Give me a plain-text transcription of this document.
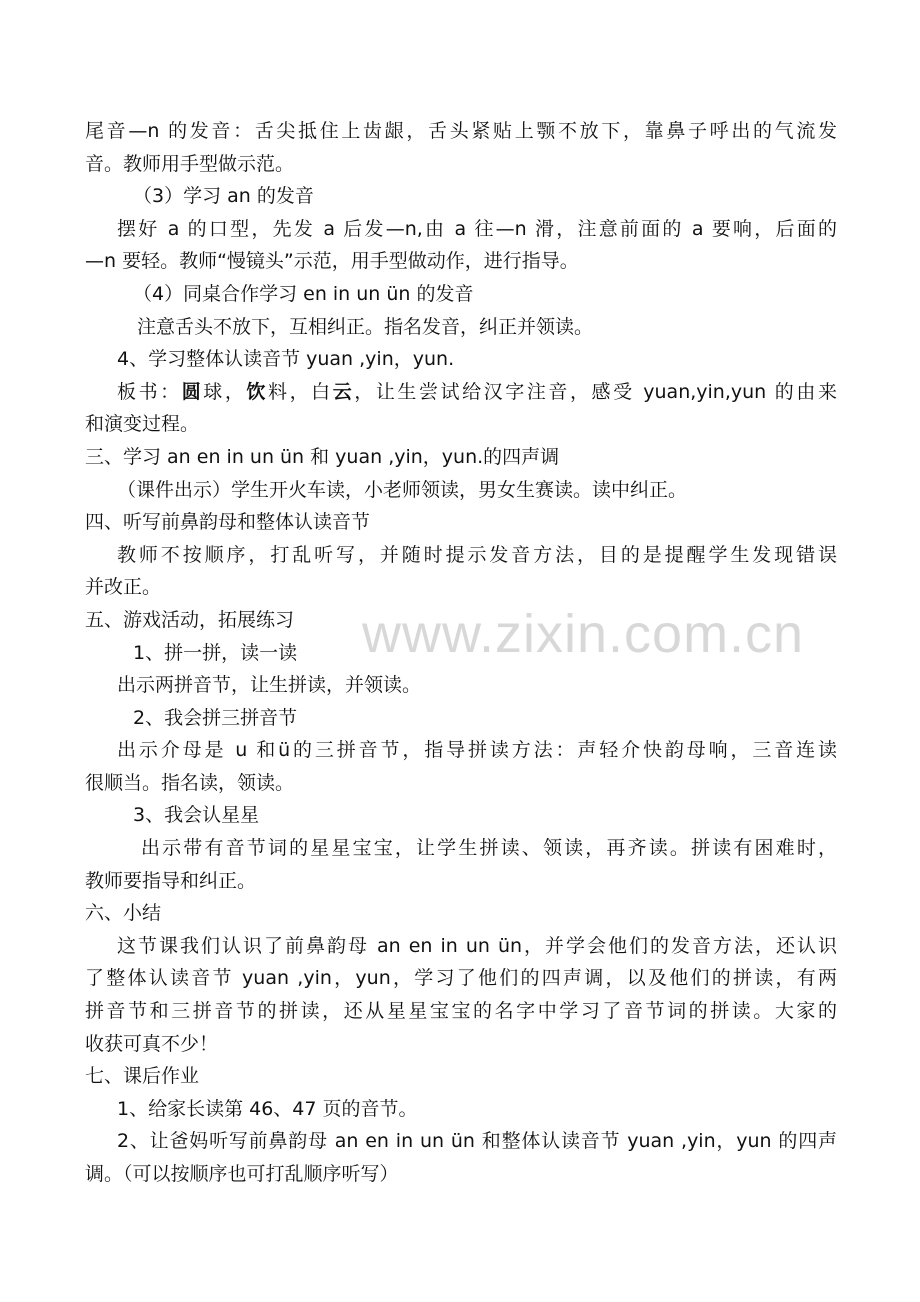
尾音—n 的发音：舌尖抵住上齿龈，舌头紧贴上颚不放下，靠鼻子呼出的气流发
音。教师用手型做示范。
（3）学习 an 的发音
摆好 a 的口型，先发 a 后发—n,由 a 往—n 滑，注意前面的 a 要响，后面的
—n 要轻。教师“慢镜头”示范，用手型做动作，进行指导。
（4）同桌合作学习 en in un ün 的发音
注意舌头不放下，互相纠正。指名发音，纠正并领读。
4、学习整体认读音节 yuan ,yin，yun.
板书：圆球，饮料，白云，让生尝试给汉字注音，感受 yuan,yin,yun 的由来
和演变过程。
三、学习 an en in un ün 和 yuan ,yin，yun.的四声调
（课件出示）学生开火车读，小老师领读，男女生赛读。读中纠正。
四、听写前鼻韵母和整体认读音节
教师不按顺序，打乱听写，并随时提示发音方法，目的是提醒学生发现错误
并改正。
五、游戏活动，拓展练习
1、拼一拼，读一读
出示两拼音节，让生拼读，并领读。
2、我会拼三拼音节
出示介母是 u 和ü的三拼音节，指导拼读方法：声轻介快韵母响，三音连读
很顺当。指名读，领读。
3、我会认星星
出示带有音节词的星星宝宝，让学生拼读、领读，再齐读。拼读有困难时，
教师要指导和纠正。
六、小结
这节课我们认识了前鼻韵母 an en in un ün，并学会他们的发音方法，还认识
了整体认读音节 yuan ,yin，yun，学习了他们的四声调，以及他们的拼读，有两
拼音节和三拼音节的拼读，还从星星宝宝的名字中学习了音节词的拼读。大家的
收获可真不少！
七、课后作业
1、给家长读第 46、47 页的音节。
2、让爸妈听写前鼻韵母 an en in un ün 和整体认读音节 yuan ,yin，yun 的四声
调。（可以按顺序也可打乱顺序听写）
www.zixin.com.cn
